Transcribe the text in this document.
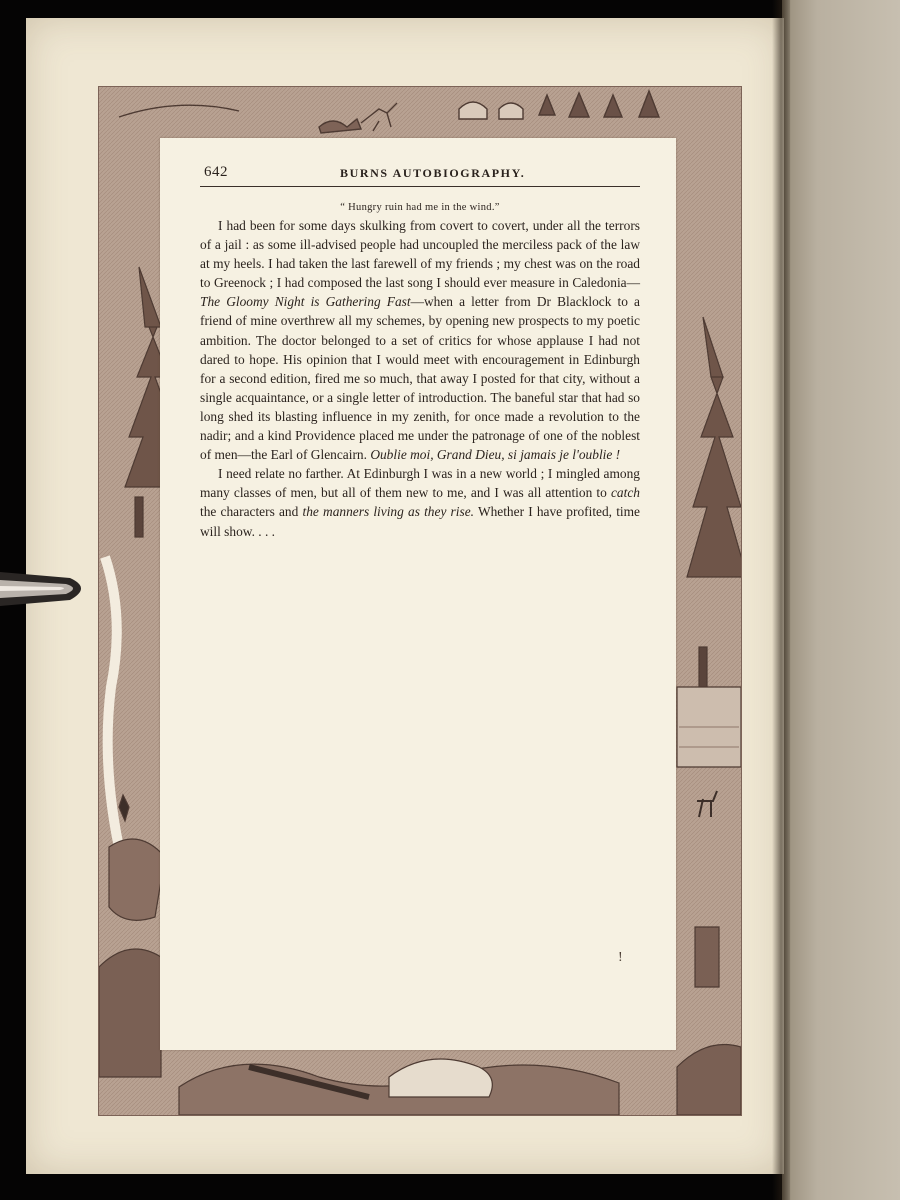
642	BURNS AUTOBIOGRAPHY.
“ Hungry ruin had me in the wind.”

I had been for some days skulking from covert to covert, under all the terrors of a jail : as some ill-advised people had uncoupled the merciless pack of the law at my heels. I had taken the last farewell of my friends ; my chest was on the road to Greenock ; I had composed the last song I should ever measure in Caledonia—The Gloomy Night is Gathering Fast—when a letter from Dr Blacklock to a friend of mine overthrew all my schemes, by opening new prospects to my poetic ambition. The doctor belonged to a set of critics for whose applause I had not dared to hope. His opinion that I would meet with encouragement in Edinburgh for a second edition, fired me so much, that away I posted for that city, without a single acquaintance, or a single letter of introduction. The baneful star that had so long shed its blasting influence in my zenith, for once made a revolution to the nadir; and a kind Providence placed me under the patronage of one of the noblest of men—the Earl of Glencairn. Oublie moi, Grand Dieu, si jamais je l'oublie !

I need relate no farther. At Edinburgh I was in a new world ; I mingled among many classes of men, but all of them new to me, and I was all attention to catch the characters and the manners living as they rise. Whether I have profited, time will show. . . .

!
